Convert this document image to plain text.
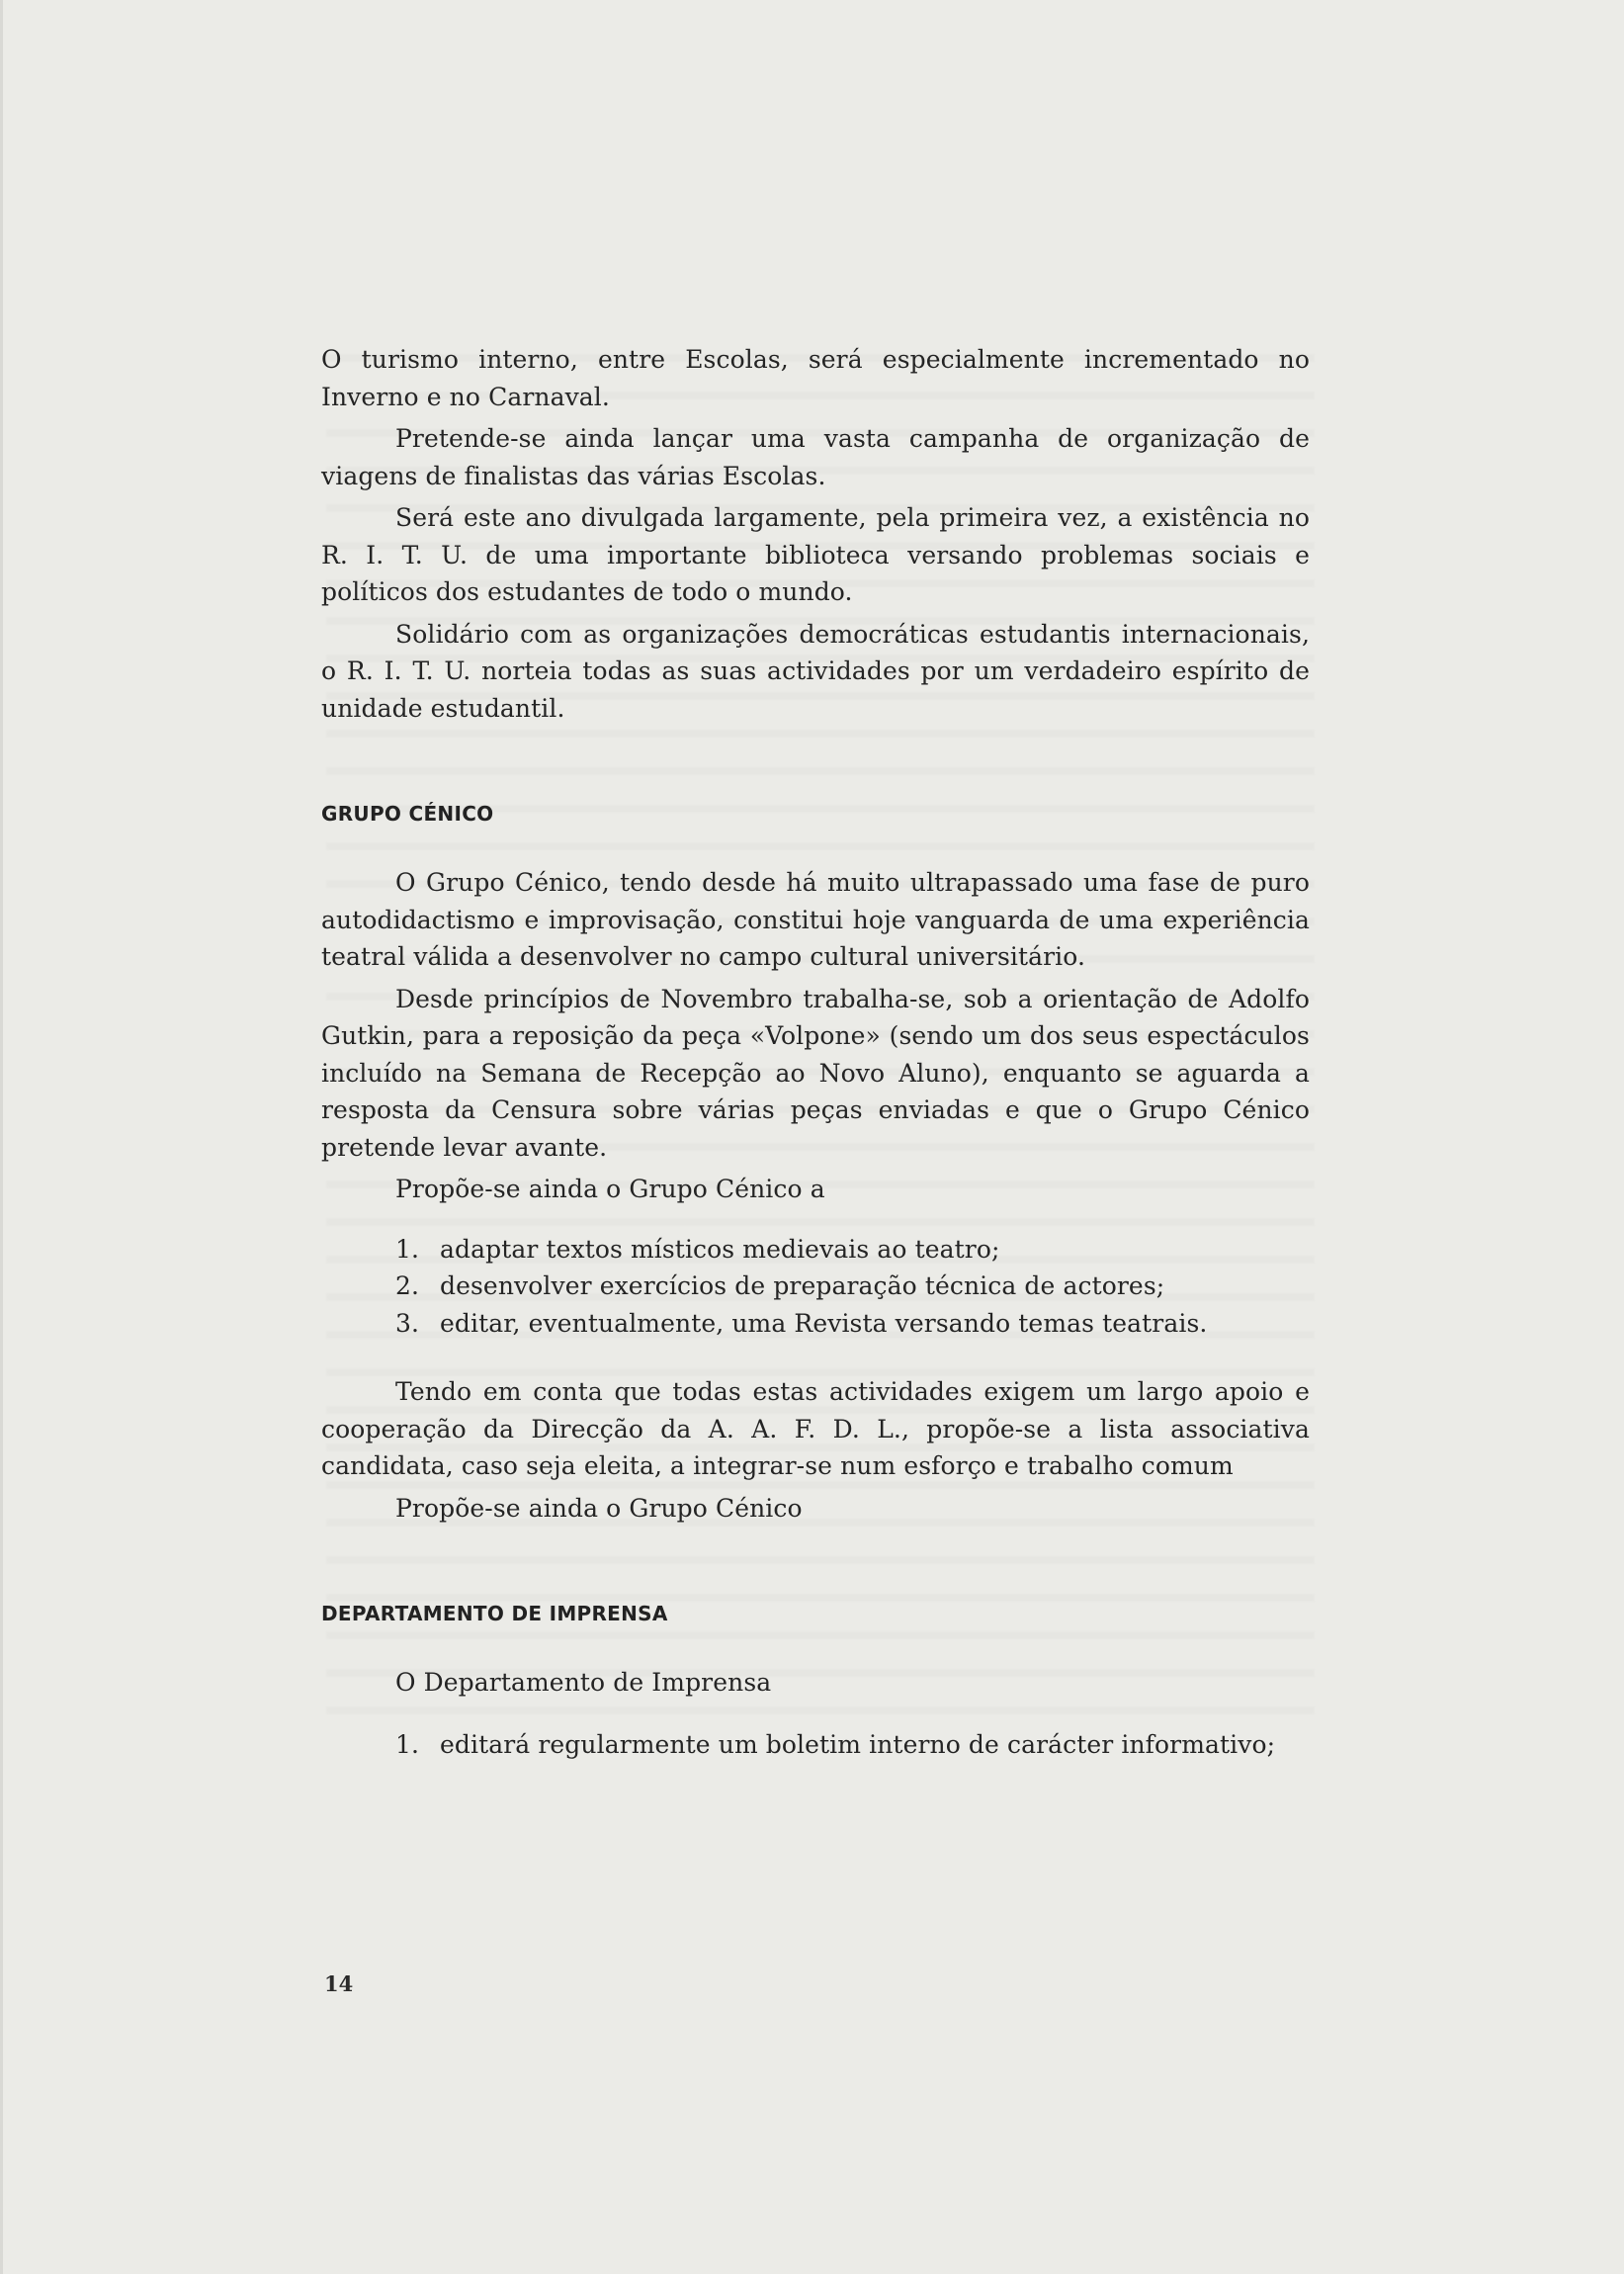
O turismo interno, entre Escolas, será especialmente incrementado no Inverno e no Carnaval.

Pretende-se ainda lançar uma vasta campanha de organização de viagens de finalistas das várias Escolas.

Será este ano divulgada largamente, pela primeira vez, a existência no R. I. T. U. de uma importante biblioteca versando problemas sociais e políticos dos estudantes de todo o mundo.

Solidário com as organizações democráticas estudantis internacionais, o R. I. T. U. norteia todas as suas actividades por um verdadeiro espírito de unidade estudantil.

GRUPO CÉNICO

O Grupo Cénico, tendo desde há muito ultrapassado uma fase de puro autodidactismo e improvisação, constitui hoje vanguarda de uma experiência teatral válida a desenvolver no campo cultural universitário.

Desde princípios de Novembro trabalha-se, sob a orientação de Adolfo Gutkin, para a reposição da peça «Volpone» (sendo um dos seus espectáculos incluído na Semana de Recepção ao Novo Aluno), enquanto se aguarda a resposta da Censura sobre várias peças enviadas e que o Grupo Cénico pretende levar avante.

Propõe-se ainda o Grupo Cénico a

1. adaptar textos místicos medievais ao teatro;
2. desenvolver exercícios de preparação técnica de actores;
3. editar, eventualmente, uma Revista versando temas teatrais.

Tendo em conta que todas estas actividades exigem um largo apoio e cooperação da Direcção da A. A. F. D. L., propõe-se a lista associativa candidata, caso seja eleita, a integrar-se num esforço e trabalho comum

Propõe-se ainda o Grupo Cénico

DEPARTAMENTO DE IMPRENSA

O Departamento de Imprensa

1. editará regularmente um boletim interno de carácter informativo;
14
